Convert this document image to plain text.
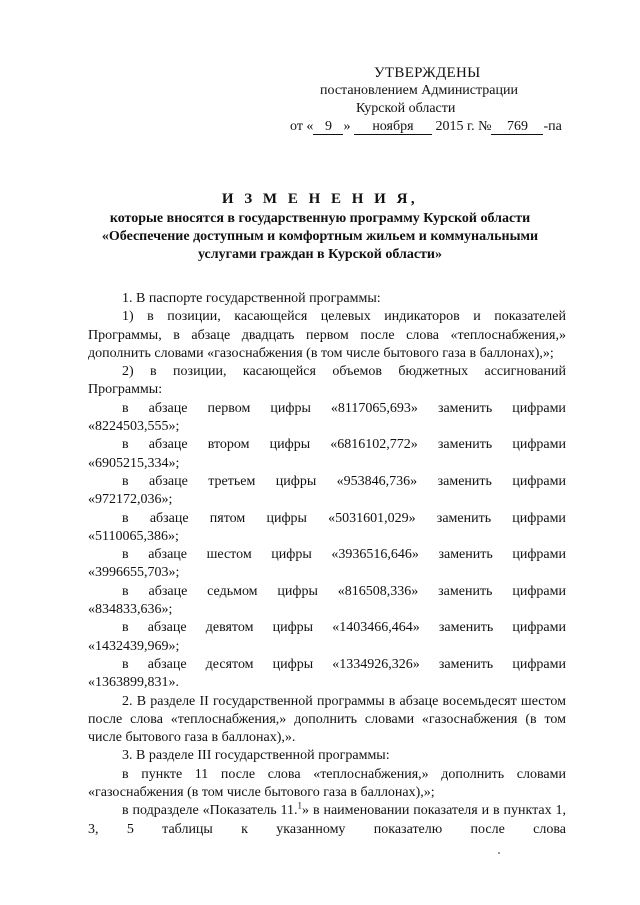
УТВЕРЖДЕНЫ
постановлением Администрации
Курской области
от « 9 » ноября 2015 г. № 769 -па
И З М Е Н Е Н И Я,
которые вносятся в государственную программу Курской области
«Обеспечение доступным и комфортным жильем и коммунальными
услугами граждан в Курской области»
1. В паспорте государственной программы:
1) в позиции, касающейся целевых индикаторов и показателей Программы, в абзаце двадцать первом после слова «теплоснабжения,» дополнить словами «газоснабжения (в том числе бытового газа в баллонах),»;
2) в позиции, касающейся объемов бюджетных ассигнований Программы:
в абзаце первом цифры «8117065,693» заменить цифрами
«8224503,555»;
в абзаце втором цифры «6816102,772» заменить цифрами
«6905215,334»;
в абзаце третьем цифры «953846,736» заменить цифрами
«972172,036»;
в абзаце пятом цифры «5031601,029» заменить цифрами
«5110065,386»;
в абзаце шестом цифры «3936516,646» заменить цифрами
«3996655,703»;
в абзаце седьмом цифры «816508,336» заменить цифрами
«834833,636»;
в абзаце девятом цифры «1403466,464» заменить цифрами
«1432439,969»;
в абзаце десятом цифры «1334926,326» заменить цифрами
«1363899,831».
2. В разделе II государственной программы в абзаце восемьдесят шестом после слова «теплоснабжения,» дополнить словами «газоснабжения (в том числе бытового газа в баллонах),».
3. В разделе III государственной программы:
в пункте 11 после слова «теплоснабжения,» дополнить словами «газоснабжения (в том числе бытового газа в баллонах),»;
в подразделе «Показатель 11.$^1$» в наименовании показателя и в пунктах 1, 3, 5 таблицы к указанному показателю после слова
